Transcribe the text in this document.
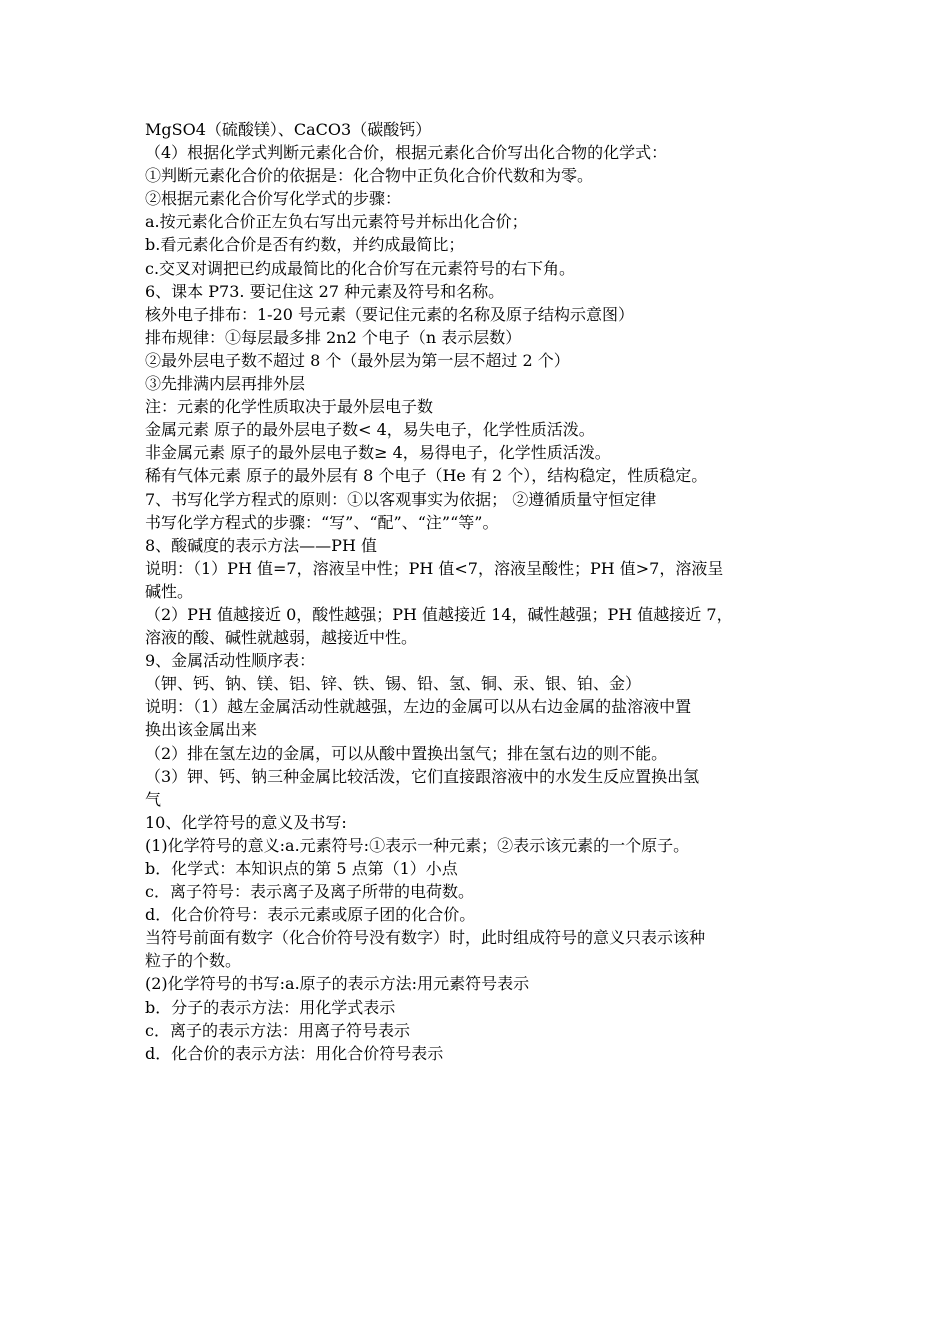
MgSO4（硫酸镁）、CaCO3（碳酸钙）
（4）根据化学式判断元素化合价，根据元素化合价写出化合物的化学式：
①判断元素化合价的依据是：化合物中正负化合价代数和为零。
②根据元素化合价写化学式的步骤：
a.按元素化合价正左负右写出元素符号并标出化合价；
b.看元素化合价是否有约数，并约成最简比；
c.交叉对调把已约成最简比的化合价写在元素符号的右下角。
6、课本 P73. 要记住这 27 种元素及符号和名称。
核外电子排布：1-20 号元素（要记住元素的名称及原子结构示意图）
排布规律：①每层最多排 2n2 个电子（n 表示层数）
②最外层电子数不超过 8 个（最外层为第一层不超过 2 个）
③先排满内层再排外层
注：元素的化学性质取决于最外层电子数
金属元素 原子的最外层电子数< 4，易失电子，化学性质活泼。
非金属元素 原子的最外层电子数≥ 4，易得电子，化学性质活泼。
稀有气体元素 原子的最外层有 8 个电子（He 有 2 个），结构稳定，性质稳定。
7、书写化学方程式的原则：①以客观事实为依据； ②遵循质量守恒定律
书写化学方程式的步骤：“写”、“配”、“注”“等”。
8、酸碱度的表示方法——PH 值
说明：（1）PH 值=7，溶液呈中性；PH 值<7，溶液呈酸性；PH 值>7，溶液呈
碱性。
（2）PH 值越接近 0，酸性越强；PH 值越接近 14，碱性越强；PH 值越接近 7，
溶液的酸、碱性就越弱，越接近中性。
9、金属活动性顺序表：
（钾、钙、钠、镁、铝、锌、铁、锡、铅、氢、铜、汞、银、铂、金）
说明：（1）越左金属活动性就越强，左边的金属可以从右边金属的盐溶液中置
换出该金属出来
（2）排在氢左边的金属，可以从酸中置换出氢气；排在氢右边的则不能。
（3）钾、钙、钠三种金属比较活泼，它们直接跟溶液中的水发生反应置换出氢
气
10、化学符号的意义及书写:
(1)化学符号的意义:a.元素符号:①表示一种元素；②表示该元素的一个原子。
b．化学式：本知识点的第 5 点第（1）小点
c．离子符号：表示离子及离子所带的电荷数。
d．化合价符号：表示元素或原子团的化合价。
当符号前面有数字（化合价符号没有数字）时，此时组成符号的意义只表示该种
粒子的个数。
(2)化学符号的书写:a.原子的表示方法:用元素符号表示
b．分子的表示方法：用化学式表示
c．离子的表示方法：用离子符号表示
d．化合价的表示方法：用化合价符号表示
